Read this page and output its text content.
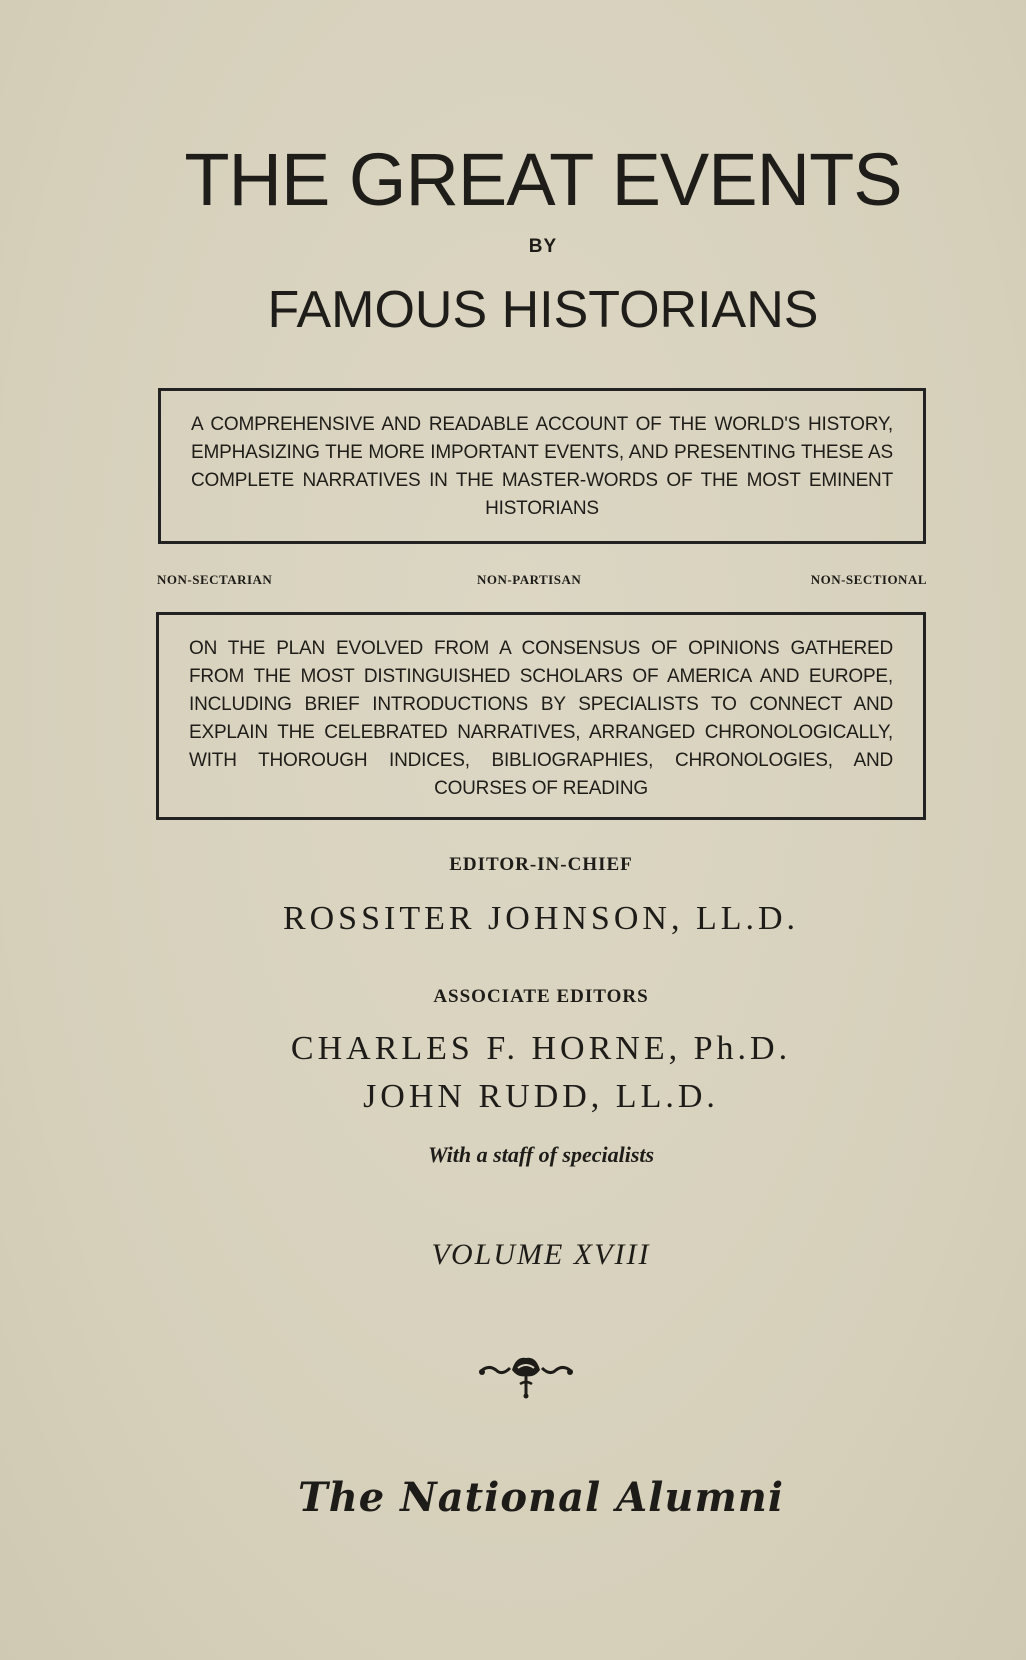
THE GREAT EVENTS
BY
FAMOUS HISTORIANS
A COMPREHENSIVE AND READABLE ACCOUNT OF THE WORLD'S HISTORY, EMPHASIZING THE MORE IMPORTANT EVENTS, AND PRESENTING THESE AS COMPLETE NARRATIVES IN THE MASTER-WORDS OF THE MOST EMINENT HISTORIANS
NON-SECTARIAN	NON-PARTISAN	NON-SECTIONAL
ON THE PLAN EVOLVED FROM A CONSENSUS OF OPINIONS GATHERED FROM THE MOST DISTINGUISHED SCHOLARS OF AMERICA AND EUROPE, INCLUDING BRIEF INTRODUCTIONS BY SPECIALISTS TO CONNECT AND EXPLAIN THE CELEBRATED NARRATIVES, ARRANGED CHRONOLOGICALLY, WITH THOROUGH INDICES, BIBLIOGRAPHIES, CHRONOLOGIES, AND COURSES OF READING
EDITOR-IN-CHIEF
ROSSITER JOHNSON, LL.D.
ASSOCIATE EDITORS
CHARLES F. HORNE, Ph.D.
JOHN RUDD, LL.D.
With a staff of specialists
VOLUME XVIII
The National Alumni
